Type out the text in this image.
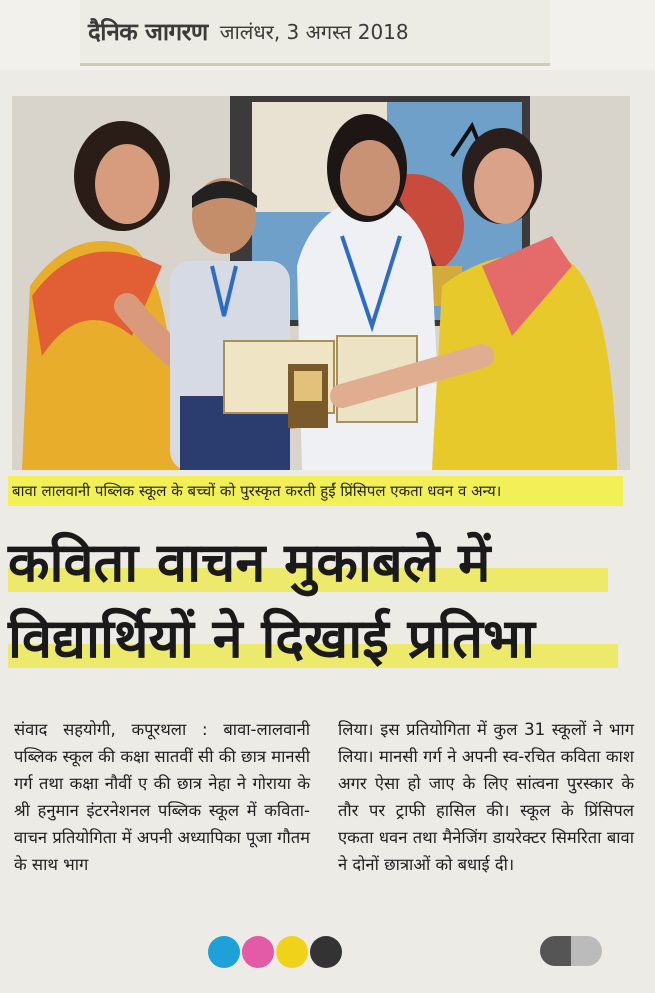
दैनिक जागरण जालंधर, 3 अगस्त 2018
बावा लालवानी पब्लिक स्कूल के बच्चों को पुरस्कृत करती हुईं प्रिंसिपल एकता धवन व अन्य।
कविता वाचन मुकाबले में
विद्यार्थियों ने दिखाई प्रतिभा
संवाद सहयोगी, कपूरथला : बावा-लालवानी पब्लिक स्कूल की कक्षा सातवीं सी की छात्र मानसी गर्ग तथा कक्षा नौवीं ए की छात्र नेहा ने गोराया के श्री हनुमान इंटरनेशनल पब्लिक स्कूल में कविता-वाचन प्रतियोगिता में अपनी अध्यापिका पूजा गौतम के साथ भाग
लिया। इस प्रतियोगिता में कुल 31 स्कूलों ने भाग लिया। मानसी गर्ग ने अपनी स्व-रचित कविता काश अगर ऐसा हो जाए के लिए सांत्वना पुरस्कार के तौर पर ट्राफी हासिल की। स्कूल के प्रिंसिपल एकता धवन तथा मैनेजिंग डायरेक्टर सिमरिता बावा ने दोनों छात्राओं को बधाई दी।
